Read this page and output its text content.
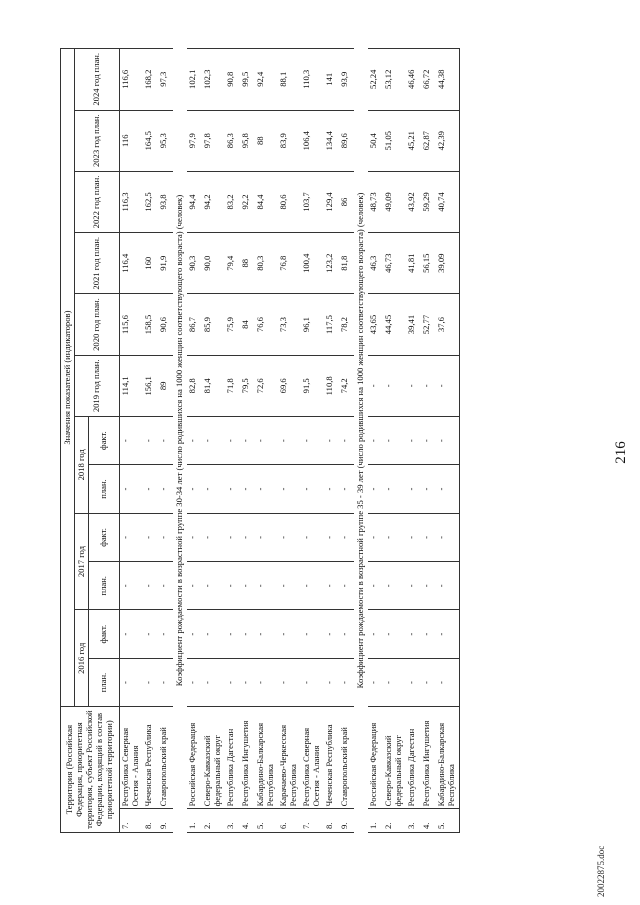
216
Территория (Российская Федерация, приоритетная территория, субъект Российской Федерации, входящий в состав приоритетной территории)		Значения показателей (индикаторов)											
		2016 год		2017 год		2018 год		2019 год план.	2020 год план.	2021 год план.	2022 год план.	2023 год план.	2024 год план.
		план.	факт.	план.	факт.	план.	факт.						
7.	Республика Северная Осетия - Алания	-	-	-	-	-	-	114,1	115,6	116,4	116,3	116	116,6
8.	Чеченская Республика	-	-	-	-	-	-	156,1	158,5	160	162,5	164,5	168,2
9.	Ставропольский край	-	-	-	-	-	-	89	90,6	91,9	93,8	95,3	97,3
Коэффициент рождаемости в возрастной группе 30-34 лет (число родившихся на 1000 женщин соответствующего возраста) (человек)													
1.	Российская Федерация	-	-	-	-	-	-	82,8	86,7	90,3	94,4	97,9	102,1
2.	Северо-Кавказский федеральный округ	-	-	-	-	-	-	81,4	85,9	90,0	94,2	97,8	102,3
3.	Республика Дагестан	-	-	-	-	-	-	71,8	75,9	79,4	83,2	86,3	90,8
4.	Республика Ингушетия	-	-	-	-	-	-	79,5	84	88	92,2	95,8	99,5
5.	Кабардино-Балкарская Республика	-	-	-	-	-	-	72,6	76,6	80,3	84,4	88	92,4
6.	Карачаево-Черкесская Республика	-	-	-	-	-	-	69,6	73,3	76,8	80,6	83,9	88,1
7.	Республика Северная Осетия - Алания	-	-	-	-	-	-	91,5	96,1	100,4	103,7	106,4	110,3
8.	Чеченская Республика	-	-	-	-	-	-	110,8	117,5	123,2	129,4	134,4	141
9.	Ставропольский край	-	-	-	-	-	-	74,2	78,2	81,8	86	89,6	93,9
Коэффициент рождаемости в возрастной группе 35 - 39 лет (число родившихся на 1000 женщин соответствующего возраста) (человек)													
1.	Российская Федерация	-	-	-	-	-	-	-	43,65	46,3	48,73	50,4	52,24
2.	Северо-Кавказский федеральный округ	-	-	-	-	-	-	-	44,45	46,73	49,09	51,05	53,12
3.	Республика Дагестан	-	-	-	-	-	-	-	39,41	41,81	43,92	45,21	46,46
4.	Республика Ингушетия	-	-	-	-	-	-	-	52,77	56,15	59,29	62,87	66,72
5.	Кабардино-Балкарская Республика	-	-	-	-	-	-	-	37,6	39,09	40,74	42,39	44,38
20022875.doc
